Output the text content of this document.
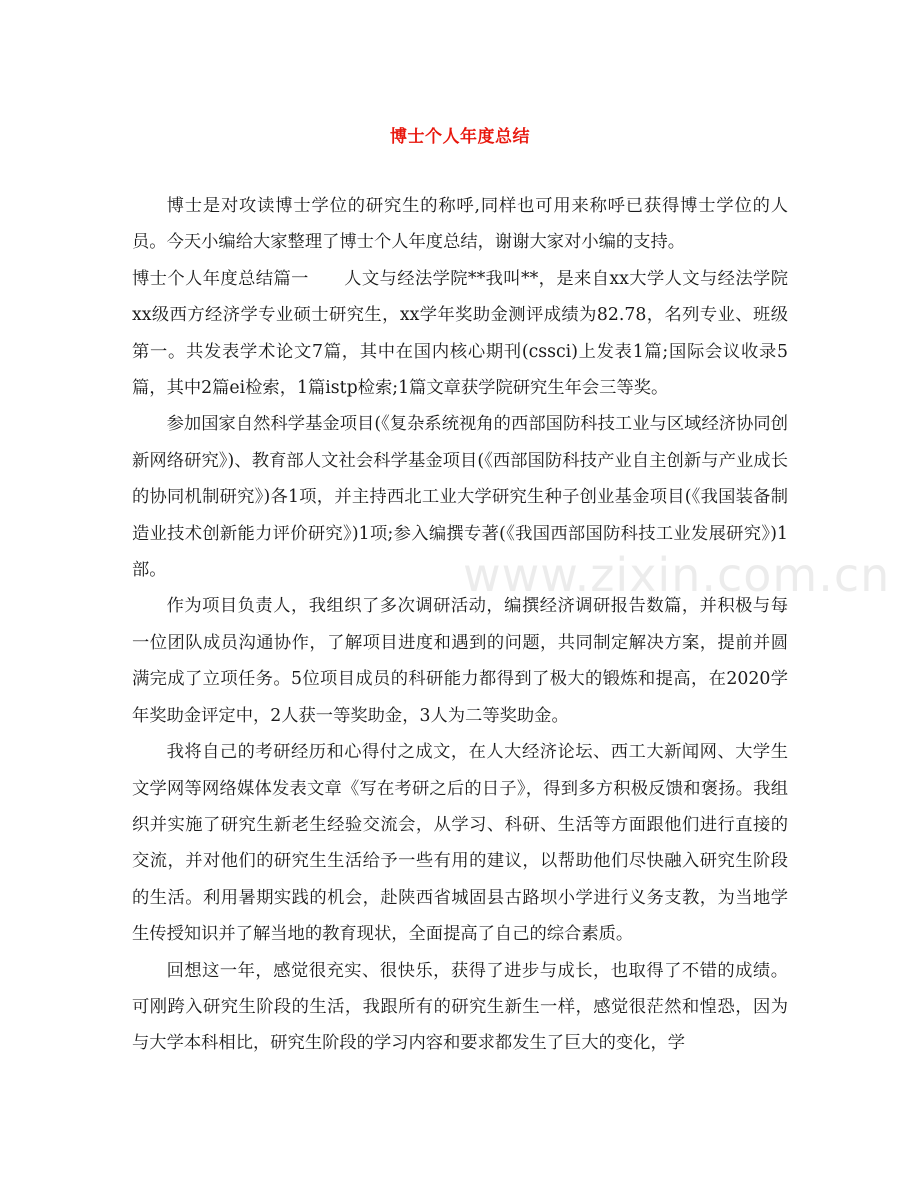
博士个人年度总结

博士是对攻读博士学位的研究生的称呼,同样也可用来称呼已获得博士学位的人员。今天小编给大家整理了博士个人年度总结，谢谢大家对小编的支持。

博士个人年度总结篇一　　人文与经法学院**我叫**，是来自xx大学人文与经法学院xx级西方经济学专业硕士研究生，xx学年奖助金测评成绩为82.78，名列专业、班级第一。共发表学术论文7篇，其中在国内核心期刊(cssci)上发表1篇;国际会议收录5篇，其中2篇ei检索，1篇istp检索;1篇文章获学院研究生年会三等奖。

参加国家自然科学基金项目(《复杂系统视角的西部国防科技工业与区域经济协同创新网络研究》)、教育部人文社会科学基金项目(《西部国防科技产业自主创新与产业成长的协同机制研究》)各1项，并主持西北工业大学研究生种子创业基金项目(《我国装备制造业技术创新能力评价研究》)1项;参入编撰专著(《我国西部国防科技工业发展研究》)1部。

作为项目负责人，我组织了多次调研活动，编撰经济调研报告数篇，并积极与每一位团队成员沟通协作，了解项目进度和遇到的问题，共同制定解决方案，提前并圆满完成了立项任务。5位项目成员的科研能力都得到了极大的锻炼和提高，在2020学年奖助金评定中，2人获一等奖助金，3人为二等奖助金。

我将自己的考研经历和心得付之成文，在人大经济论坛、西工大新闻网、大学生文学网等网络媒体发表文章《写在考研之后的日子》，得到多方积极反馈和褒扬。我组织并实施了研究生新老生经验交流会，从学习、科研、生活等方面跟他们进行直接的交流，并对他们的研究生生活给予一些有用的建议，以帮助他们尽快融入研究生阶段的生活。利用暑期实践的机会，赴陕西省城固县古路坝小学进行义务支教，为当地学生传授知识并了解当地的教育现状，全面提高了自己的综合素质。

回想这一年，感觉很充实、很快乐，获得了进步与成长，也取得了不错的成绩。可刚跨入研究生阶段的生活，我跟所有的研究生新生一样，感觉很茫然和惶恐，因为与大学本科相比，研究生阶段的学习内容和要求都发生了巨大的变化，学

www.zixin.com.cn
